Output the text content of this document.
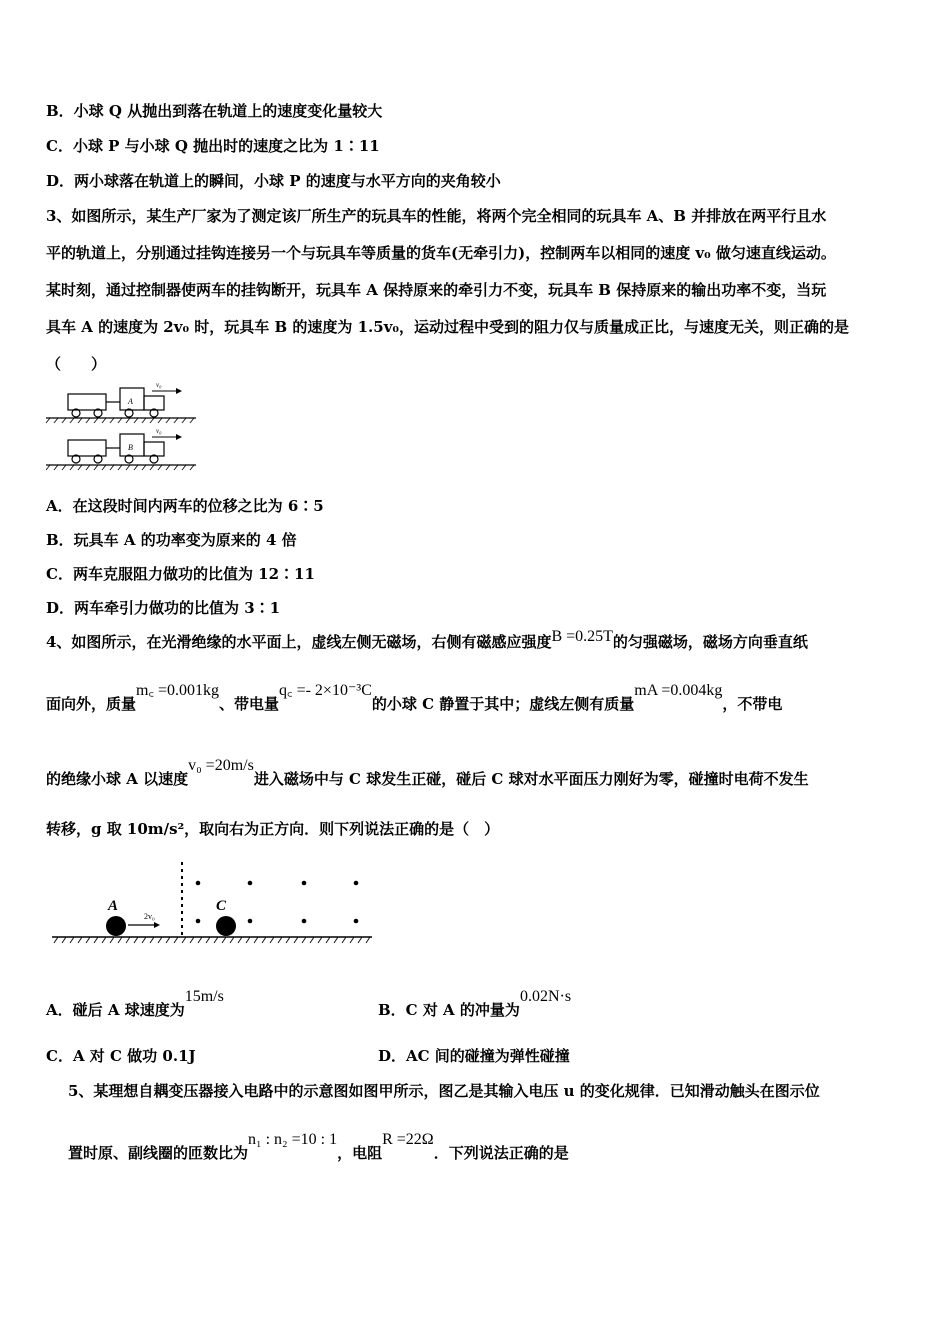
B．小球 Q 从抛出到落在轨道上的速度变化量较大
C．小球 P 与小球 Q 抛出时的速度之比为 1∶11
D．两小球落在轨道上的瞬间，小球 P 的速度与水平方向的夹角较小
3、如图所示，某生产厂家为了测定该厂所生产的玩具车的性能，将两个完全相同的玩具车 A、B 并排放在两平行且水
平的轨道上，分别通过挂钩连接另一个与玩具车等质量的货车(无牵引力)，控制两车以相同的速度 v₀ 做匀速直线运动。
某时刻，通过控制器使两车的挂钩断开，玩具车 A 保持原来的牵引力不变，玩具车 B 保持原来的输出功率不变，当玩
具车 A 的速度为 2v₀ 时，玩具车 B 的速度为 1.5v₀，运动过程中受到的阻力仅与质量成正比，与速度无关，则正确的是
（　　）
A
v₀
B
v₀
A．在这段时间内两车的位移之比为 6∶5
B．玩具车 A 的功率变为原来的 4 倍
C．两车克服阻力做功的比值为 12∶11
D．两车牵引力做功的比值为 3∶1
4、如图所示，在光滑绝缘的水平面上，虚线左侧无磁场，右侧有磁感应强度B =0.25T的匀强磁场，磁场方向垂直纸
面向外，质量m꜀ =0.001kg、带电量q꜀ =- 2×10⁻³C的小球 C 静置于其中；虚线左侧有质量mA =0.004kg，不带电
的绝缘小球 A 以速度v₀ =20m/s进入磁场中与 C 球发生正碰，碰后 C 球对水平面压力刚好为零，碰撞时电荷不发生
转移，g 取 10m/s²，取向右为正方向．则下列说法正确的是（　）
A
2v₀
C
A．碰后 A 球速度为15m/s
B．C 对 A 的冲量为0.02N·s
C．A 对 C 做功 0.1J	D．AC 间的碰撞为弹性碰撞
5、某理想自耦变压器接入电路中的示意图如图甲所示，图乙是其输入电压 u 的变化规律．已知滑动触头在图示位
置时原、副线圈的匝数比为n₁ : n₂ =10 : 1，电阻R =22Ω．下列说法正确的是
